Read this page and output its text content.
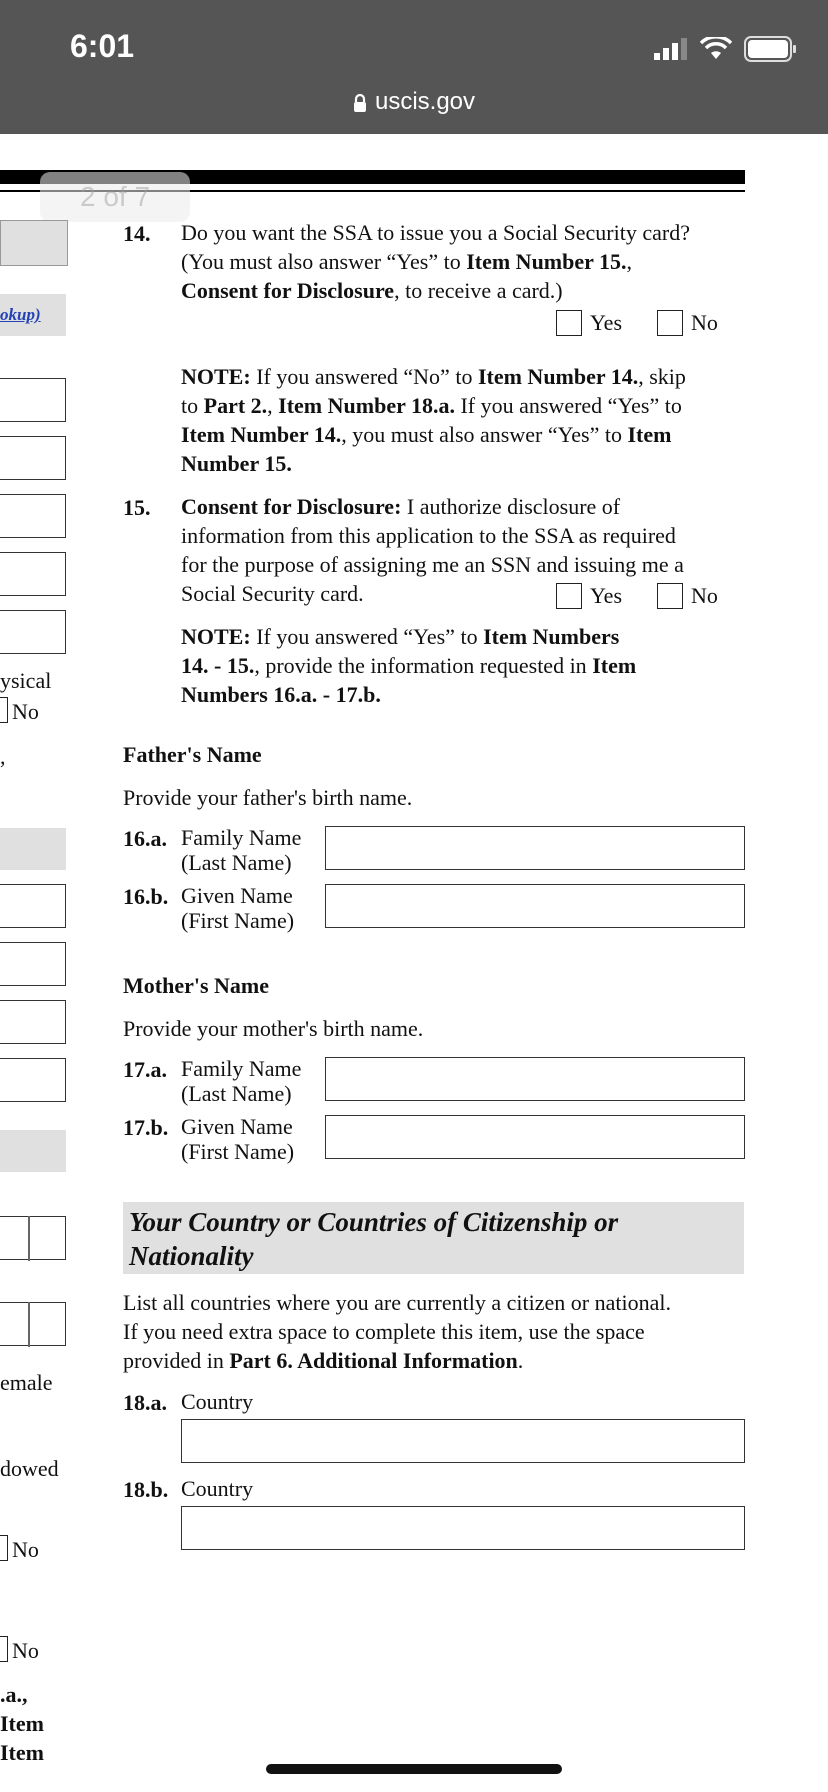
6:01
uscis.gov
2 of 7
okup)
ysical
No
,
emale
dowed
No
No
.a.,
Item
Item
14. Do you want the SSA to issue you a Social Security card?
(You must also answer “Yes” to Item Number 15.,
Consent for Disclosure, to receive a card.)
Yes	No
NOTE: If you answered “No” to Item Number 14., skip
to Part 2., Item Number 18.a. If you answered “Yes” to
Item Number 14., you must also answer “Yes” to Item
Number 15.
15. Consent for Disclosure: I authorize disclosure of
information from this application to the SSA as required
for the purpose of assigning me an SSN and issuing me a
Social Security card.	Yes	No
NOTE: If you answered “Yes” to Item Numbers
14. - 15., provide the information requested in Item
Numbers 16.a. - 17.b.
Father's Name
Provide your father's birth name.
16.a. Family Name
(Last Name)
16.b. Given Name
(First Name)
Mother's Name
Provide your mother's birth name.
17.a. Family Name
(Last Name)
17.b. Given Name
(First Name)
Your Country or Countries of Citizenship or
Nationality
List all countries where you are currently a citizen or national.
If you need extra space to complete this item, use the space
provided in Part 6. Additional Information.
18.a. Country
18.b. Country
